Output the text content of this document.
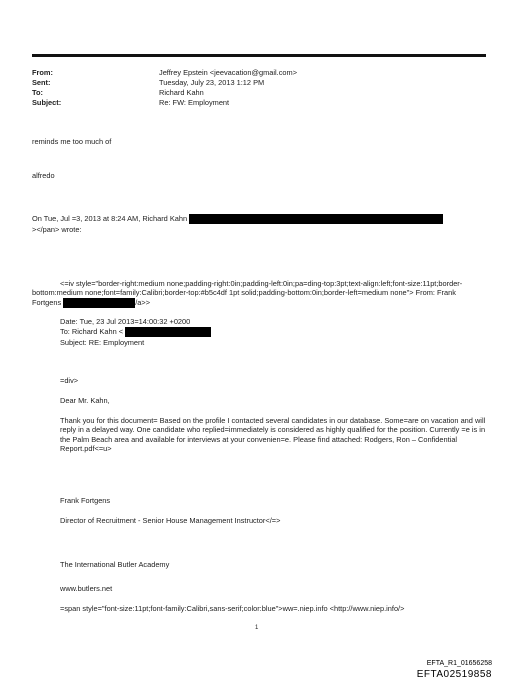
From:	Jeffrey Epstein <jeevacation@gmail.com>
Sent:	Tuesday, July 23, 2013 1:12 PM
To:	Richard Kahn
Subject:	Re: FW: Employment
reminds me too much of
alfredo
On Tue, Jul =3, 2013 at 8:24 AM, Richard Kahn
></pan> wrote:
<=iv style="border-right:medium none;padding-right:0in;padding-left:0in;pa=ding-top:3pt;text-align:left;font-size:11pt;border-bottom:medium none;font=family:Calibri;border-top:#b5c4df 1pt solid;padding-bottom:0in;border-left=medium none"> From: Frank Fortgens	/a>>
Date: Tue, 23 Jul 2013=14:00:32 +0200
To: Richard Kahn <
Subject: RE: Employment
=div>
Dear Mr. Kahn,
Thank you for this document= Based on the profile I contacted several candidates in our database. Some=are on vacation and will reply in a delayed way. One candidate who replied=immediately is considered as highly qualified for the position. Currently =e is in the Palm Beach area and available for interviews at your convenien=e. Please find attached: Rodgers, Ron – Confidential Report.pdf<=u>
Frank Fortgens
Director of Recruitment - Senior House Management Instructor</=>
The International Butler Academy
www.butlers.net
=span style="font-size:11pt;font-family:Calibri,sans-serif;color:blue">ww=.niep.info <http://www.niep.info/>
1
EFTA_R1_01656258
EFTA02519858
